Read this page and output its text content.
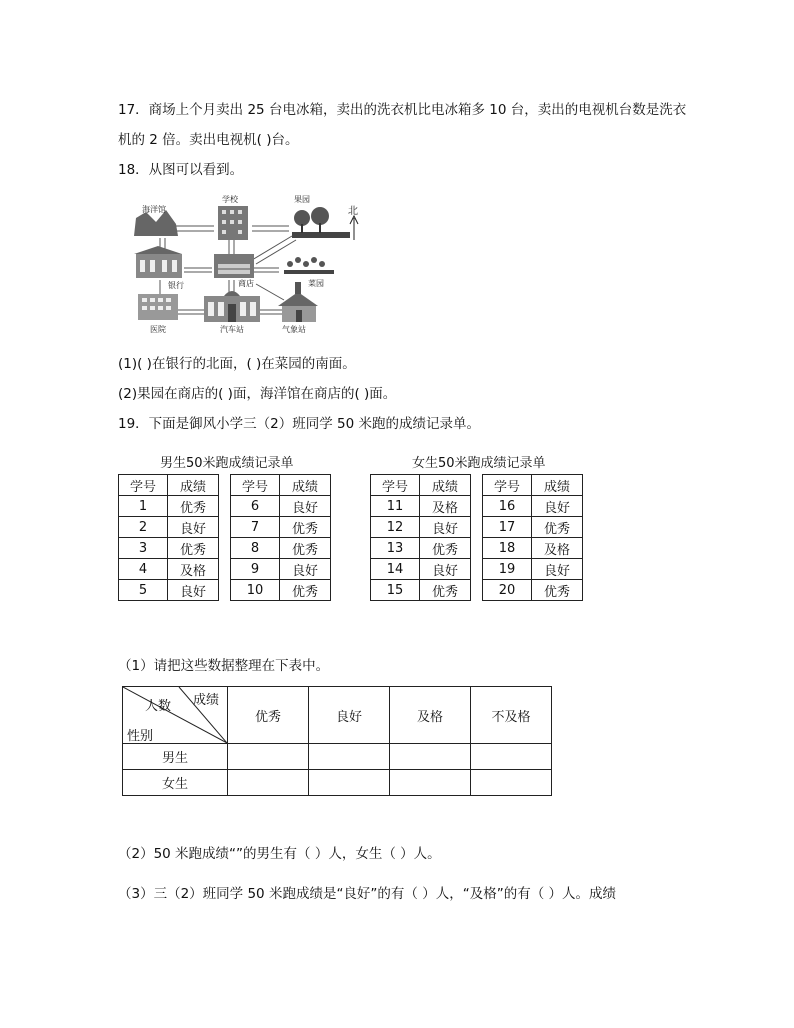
17．商场上个月卖出 25 台电冰箱，卖出的洗衣机比电冰箱多 10 台，卖出的电视机台数是洗衣
机的 2 倍。卖出电视机( )台。
18．从图可以看到。
海洋馆
学校	果园
北
银行	商店	菜园
医院	汽车站	气象站
(1)( )在银行的北面，( )在菜园的南面。
(2)果园在商店的( )面，海洋馆在商店的( )面。
19．下面是御风小学三（2）班同学 50 米跑的成绩记录单。
男生50米跑成绩记录单	女生50米跑成绩记录单
学号	成绩
1	优秀
2	良好
3	优秀
4	及格
5	良好
学号	成绩
6	良好
7	优秀
8	优秀
9	良好
10	优秀
学号	成绩
11	及格
12	良好
13	优秀
14	良好
15	优秀
学号	成绩
16	良好
17	优秀
18	及格
19	良好
20	优秀
（1）请把这些数据整理在下表中。
成绩
人数
性别	优秀	良好	及格	不及格
男生				
女生				
（2）50 米跑成绩“”的男生有（ ）人，女生（ ）人。
（3）三（2）班同学 50 米跑成绩是“良好”的有（ ）人，“及格”的有（ ）人。成绩
